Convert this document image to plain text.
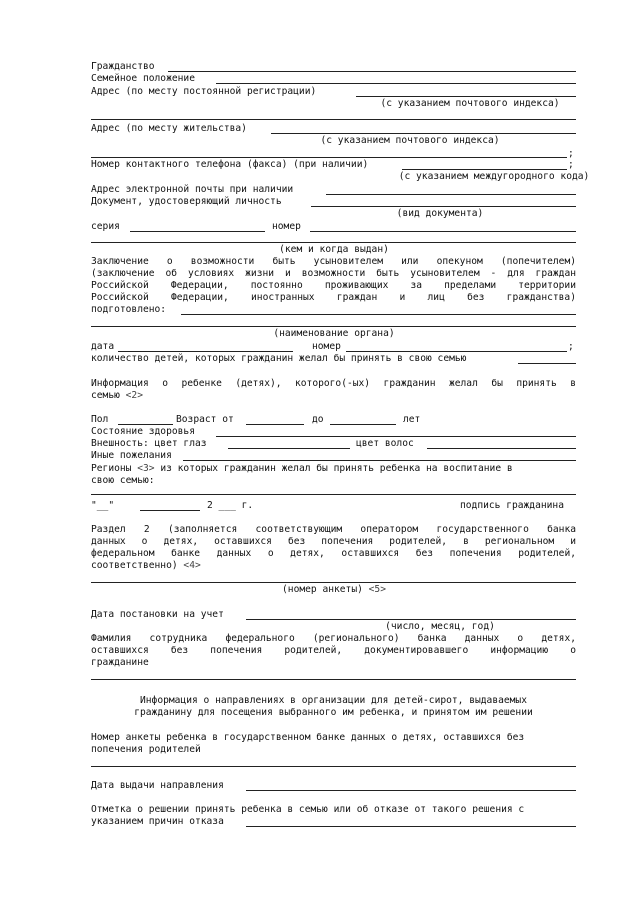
Гражданство
Семейное положение
Адрес (по месту постоянной регистрации)
(с указанием почтового индекса)
Адрес (по месту жительства)
(с указанием почтового индекса)
;
Номер контактного телефона (факса) (при наличии)	;
(с указанием междугородного кода)
Адрес электронной почты при наличии
Документ, удостоверяющий личность
(вид документа)
серия	номер
(кем и когда выдан)
Заключение о возможности быть усыновителем или опекуном (попечителем)
(заключение об условиях жизни и возможности быть усыновителем - для граждан
Российской Федерации, постоянно проживающих за пределами территории
Российской Федерации, иностранных граждан и лиц без гражданства)
подготовлено:
(наименование органа)
дата	номер	;
количество детей, которых гражданин желал бы принять в свою семью
Информация о ребенке (детях), которого(-ых) гражданин желал бы принять в
семью <2>
Пол	Возраст от	до	лет
Состояние здоровья
Внешность: цвет глаз	цвет волос
Иные пожелания
Регионы <3> из которых гражданин желал бы принять ребенка на воспитание в
свою семью:
"__"	2 ___ г.	подпись гражданина
Раздел 2 (заполняется соответствующим оператором государственного банка
данных о детях, оставшихся без попечения родителей, в региональном и
федеральном банке данных о детях, оставшихся без попечения родителей,
соответственно) <4>
(номер анкеты) <5>
Дата постановки на учет
(число, месяц, год)
Фамилия сотрудника федерального (регионального) банка данных о детях,
оставшихся без попечения родителей, документировавшего информацию о
гражданине
Информация о направлениях в организации для детей-сирот, выдаваемых
гражданину для посещения выбранного им ребенка, и принятом им решении
Номер анкеты ребенка в государственном банке данных о детях, оставшихся без
попечения родителей
Дата выдачи направления
Отметка о решении принять ребенка в семью или об отказе от такого решения с
указанием причин отказа
